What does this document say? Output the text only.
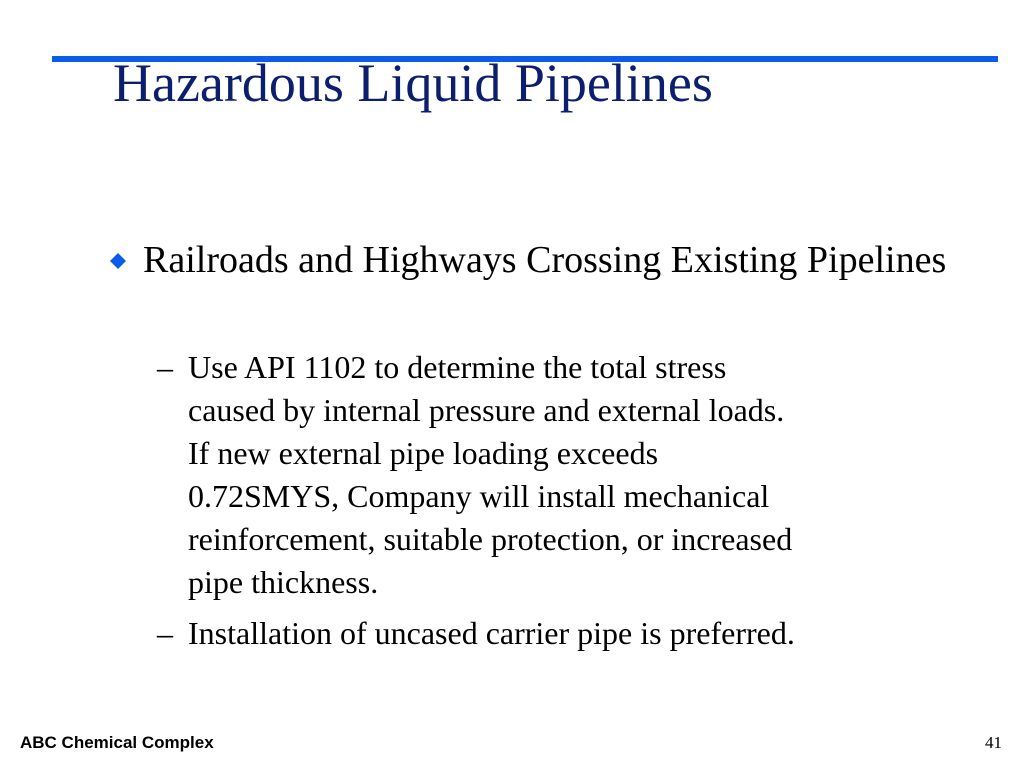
Hazardous Liquid Pipelines
Railroads and Highways Crossing Existing Pipelines
– Use API 1102 to determine the total stress
caused by internal pressure and external loads.
If new external pipe loading exceeds
0.72SMYS, Company will install mechanical
reinforcement, suitable protection, or increased
pipe thickness.
– Installation of uncased carrier pipe is preferred.
ABC Chemical Complex	41
